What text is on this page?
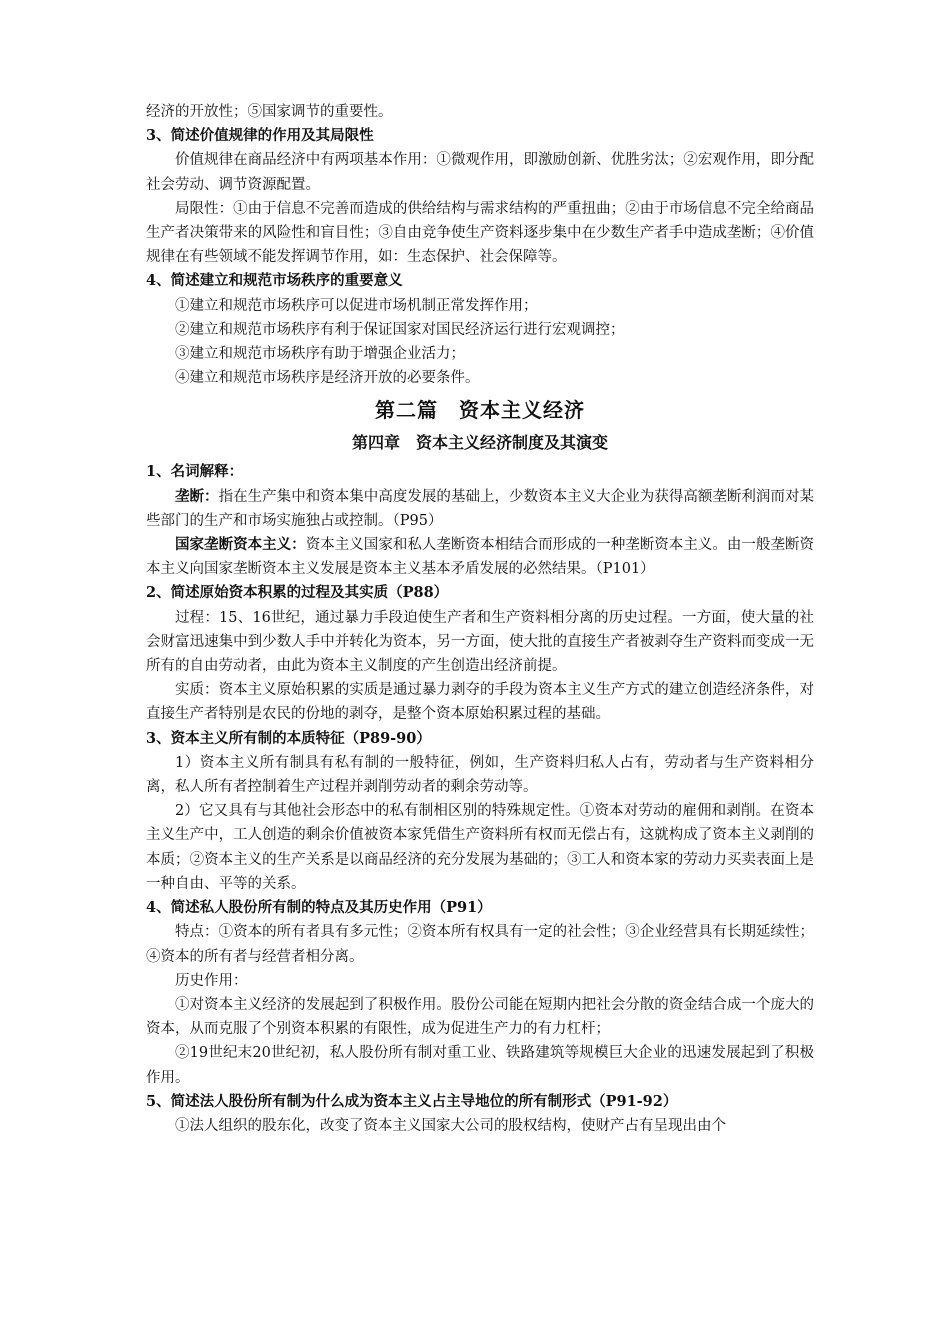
经济的开放性；⑤国家调节的重要性。

3、简述价值规律的作用及其局限性

价值规律在商品经济中有两项基本作用：①微观作用，即激励创新、优胜劣汰；②宏观作用，即分配社会劳动、调节资源配置。

局限性：①由于信息不完善而造成的供给结构与需求结构的严重扭曲；②由于市场信息不完全给商品生产者决策带来的风险性和盲目性；③自由竞争使生产资料逐步集中在少数生产者手中造成垄断；④价值规律在有些领域不能发挥调节作用，如：生态保护、社会保障等。

4、简述建立和规范市场秩序的重要意义

①建立和规范市场秩序可以促进市场机制正常发挥作用；

②建立和规范市场秩序有利于保证国家对国民经济运行进行宏观调控；

③建立和规范市场秩序有助于增强企业活力；

④建立和规范市场秩序是经济开放的必要条件。

第二篇　资本主义经济
第四章　资本主义经济制度及其演变

1、名词解释：

垄断：指在生产集中和资本集中高度发展的基础上，少数资本主义大企业为获得高额垄断利润而对某些部门的生产和市场实施独占或控制。（P95）

国家垄断资本主义：资本主义国家和私人垄断资本相结合而形成的一种垄断资本主义。由一般垄断资本主义向国家垄断资本主义发展是资本主义基本矛盾发展的必然结果。（P101）

2、简述原始资本积累的过程及其实质（P88）

过程：15、16世纪，通过暴力手段迫使生产者和生产资料相分离的历史过程。一方面，使大量的社会财富迅速集中到少数人手中并转化为资本，另一方面，使大批的直接生产者被剥夺生产资料而变成一无所有的自由劳动者，由此为资本主义制度的产生创造出经济前提。

实质：资本主义原始积累的实质是通过暴力剥夺的手段为资本主义生产方式的建立创造经济条件，对直接生产者特别是农民的份地的剥夺，是整个资本原始积累过程的基础。

3、资本主义所有制的本质特征（P89-90）

1）资本主义所有制具有私有制的一般特征，例如，生产资料归私人占有，劳动者与生产资料相分离，私人所有者控制着生产过程并剥削劳动者的剩余劳动等。

2）它又具有与其他社会形态中的私有制相区别的特殊规定性。①资本对劳动的雇佣和剥削。在资本主义生产中，工人创造的剩余价值被资本家凭借生产资料所有权而无偿占有，这就构成了资本主义剥削的本质；②资本主义的生产关系是以商品经济的充分发展为基础的；③工人和资本家的劳动力买卖表面上是一种自由、平等的关系。

4、简述私人股份所有制的特点及其历史作用（P91）

特点：①资本的所有者具有多元性；②资本所有权具有一定的社会性；③企业经营具有长期延续性；④资本的所有者与经营者相分离。

历史作用：

①对资本主义经济的发展起到了积极作用。股份公司能在短期内把社会分散的资金结合成一个庞大的资本，从而克服了个别资本积累的有限性，成为促进生产力的有力杠杆；

②19世纪末20世纪初，私人股份所有制对重工业、铁路建筑等规模巨大企业的迅速发展起到了积极作用。

5、简述法人股份所有制为什么成为资本主义占主导地位的所有制形式（P91-92）

①法人组织的股东化，改变了资本主义国家大公司的股权结构，使财产占有呈现出由个
